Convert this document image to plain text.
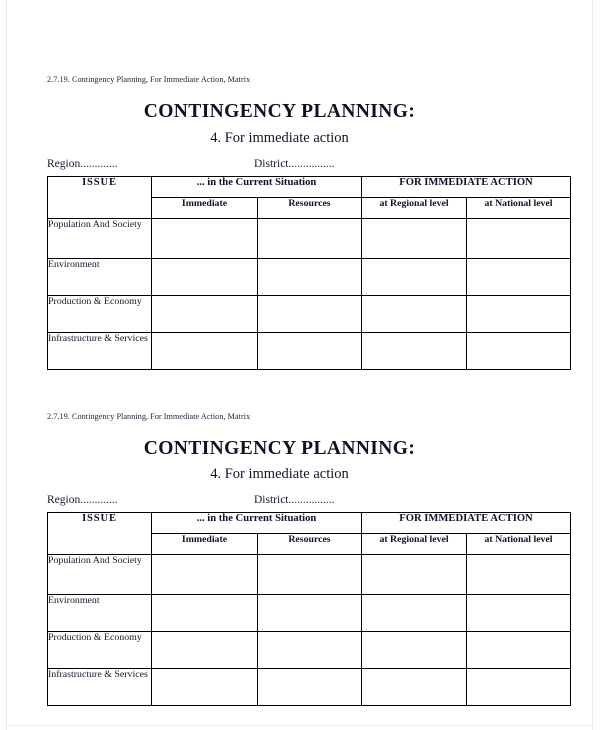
2.7.19. Contingency Planning, For Immediate Action, Matrix

CONTINGENCY PLANNING:
4. For immediate action
Region.............	District................
ISSUE	... in the Current Situation		FOR IMMEDIATE ACTION	
	Immediate	Resources	at Regional level	at National level
Population And Society				
Environment				
Production & Economy				
Infrastructure & Services				

2.7.19. Contingency Planning, For Immediate Action, Matrix

CONTINGENCY PLANNING:
4. For immediate action
Region.............	District................
ISSUE	... in the Current Situation		FOR IMMEDIATE ACTION	
	Immediate	Resources	at Regional level	at National level
Population And Society				
Environment				
Production & Economy				
Infrastructure & Services				
